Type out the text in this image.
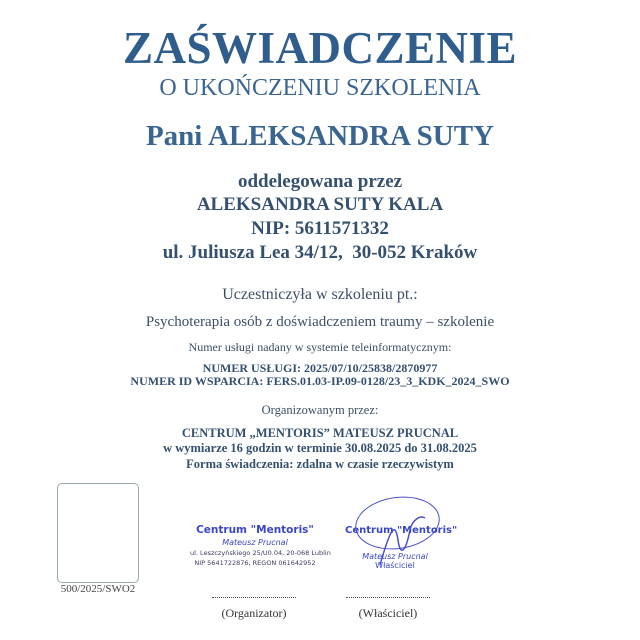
ZAŚWIADCZENIE
O UKOŃCZENIU SZKOLENIA
Pani ALEKSANDRA SUTY
oddelegowana przez
ALEKSANDRA SUTY KALA
NIP: 5611571332
ul. Juliusza Lea 34/12,  30-052 Kraków
Uczestniczyła w szkoleniu pt.:
Psychoterapia osób z doświadczeniem traumy – szkolenie
Numer usługi nadany w systemie teleinformatycznym:
NUMER USŁUGI: 2025/07/10/25838/2870977
NUMER ID WSPARCIA: FERS.01.03-IP.09-0128/23_3_KDK_2024_SWO
Organizowanym przez:
CENTRUM „MENTORIS” MATEUSZ PRUCNAL
w wymiarze 16 godzin w terminie 30.08.2025 do 31.08.2025
Forma świadczenia: zdalna w czasie rzeczywistym
500/2025/SWO2
Centrum "Mentoris"
Mateusz Prucnal
ul. Leszczyńskiego 25/U0.04, 20-068 Lublin
NIP 5641722876, REGON 061642952
Centrum "Mentoris"
Mateusz Prucnal
Właściciel
(Organizator)	(Właściciel)
